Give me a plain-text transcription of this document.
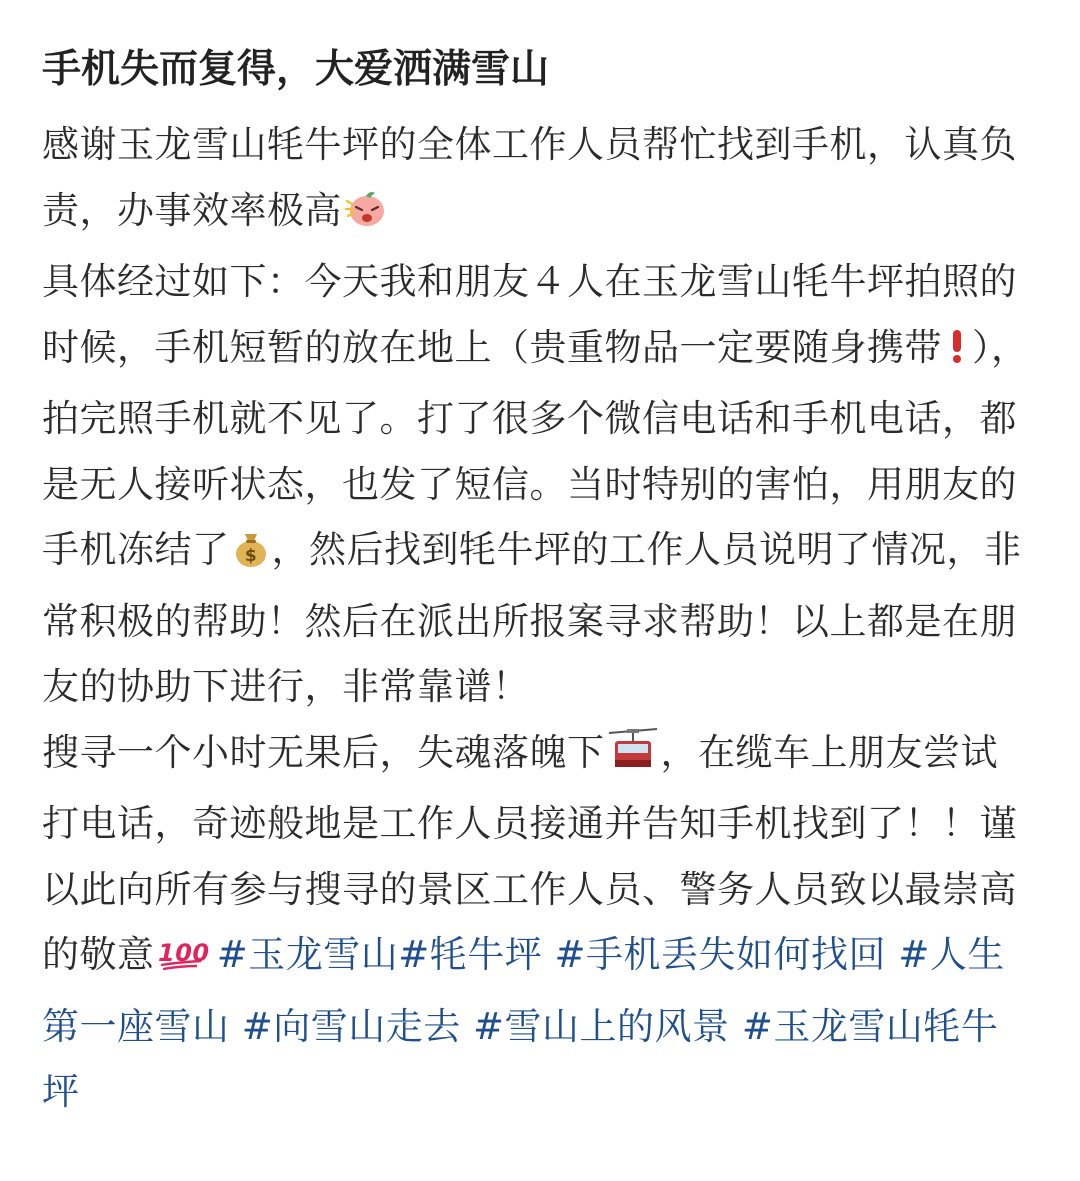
手机失而复得，大爱洒满雪山
感谢玉龙雪山牦牛坪的全体工作人员帮忙找到手机，认真负责，办事效率极高
具体经过如下：今天我和朋友４人在玉龙雪山牦牛坪拍照的时候，手机短暂的放在地上（贵重物品一定要随身携带 ），拍完照手机就不见了。打了很多个微信电话和手机电话，都是无人接听状态，也发了短信。当时特别的害怕，用朋友的手机冻结了 $ ，然后找到牦牛坪的工作人员说明了情况，非常积极的帮助！然后在派出所报案寻求帮助！以上都是在朋友的协助下进行，非常靠谱！
搜寻一个小时无果后，失魂落魄下 ，在缆车上朋友尝试打电话，奇迹般地是工作人员接通并告知手机找到了！！谨以此向所有参与搜寻的景区工作人员、警务人员致以最崇高的敬意 100 #玉龙雪山#牦牛坪 #手机丢失如何找回 #人生第一座雪山 #向雪山走去 #雪山上的风景 #玉龙雪山牦牛坪
